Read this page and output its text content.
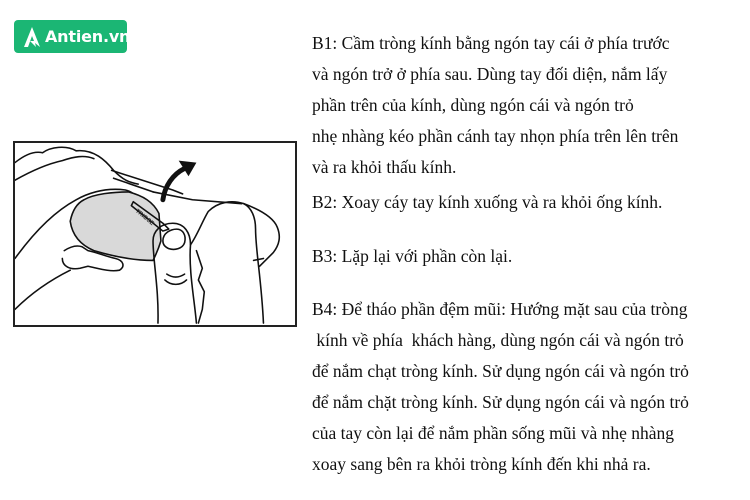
Antien.vn
TRIOSE

B1: Cầm tròng kính bằng ngón tay cái ở phía trước

và ngón trở ở phía sau. Dùng tay đối diện, nắm lấy

phần trên của kính, dùng ngón cái và ngón trỏ

nhẹ nhàng kéo phần cánh tay nhọn phía trên lên trên

và ra khỏi thấu kính.

B2: Xoay cáy tay kính xuống và ra khỏi ống kính.

B3: Lặp lại với phần còn lại.

B4: Để tháo phần đệm mũi: Hướng mặt sau của tròng

kính về phía  khách hàng, dùng ngón cái và ngón trỏ

để nắm chạt tròng kính. Sử dụng ngón cái và ngón trỏ

để nắm chặt tròng kính. Sử dụng ngón cái và ngón trỏ

của tay còn lại để nắm phần sống mũi và nhẹ nhàng

xoay sang bên ra khỏi tròng kính đến khi nhả ra.
